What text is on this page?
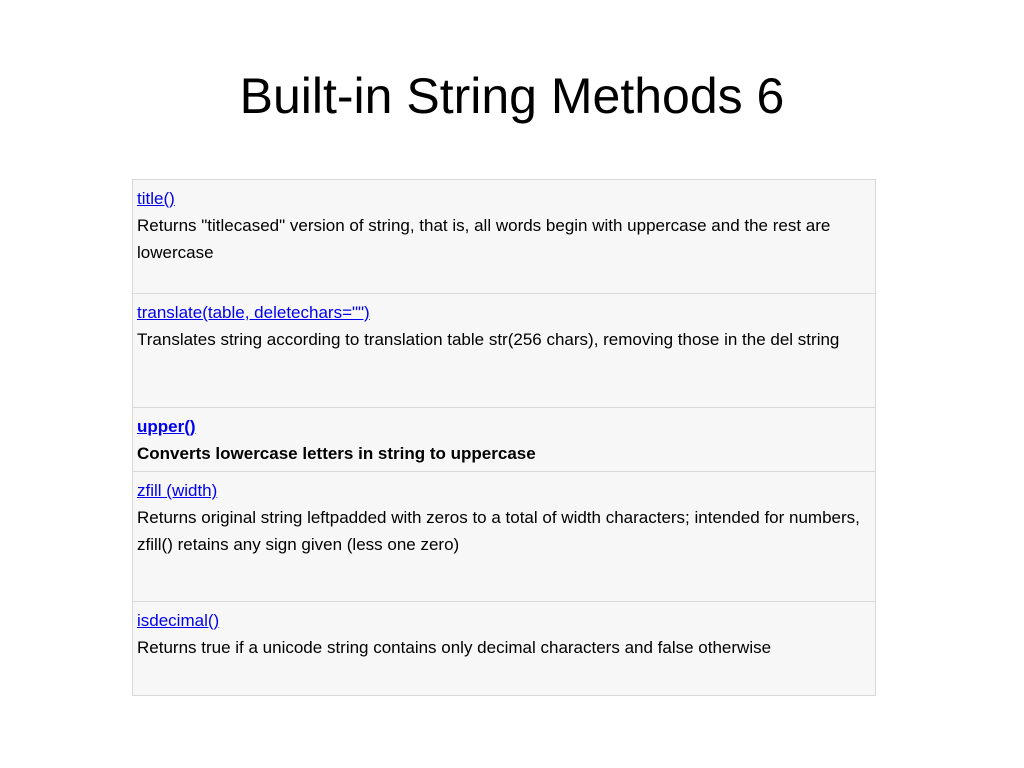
Built-in String Methods 6
title()
Returns "titlecased" version of string, that is, all words begin with uppercase and the rest are lowercase

translate(table, deletechars="")
Translates string according to translation table str(256 chars), removing those in the del string

upper()
Converts lowercase letters in string to uppercase

zfill (width)
Returns original string leftpadded with zeros to a total of width characters; intended for numbers, zfill() retains any sign given (less one zero)

isdecimal()
Returns true if a unicode string contains only decimal characters and false otherwise
